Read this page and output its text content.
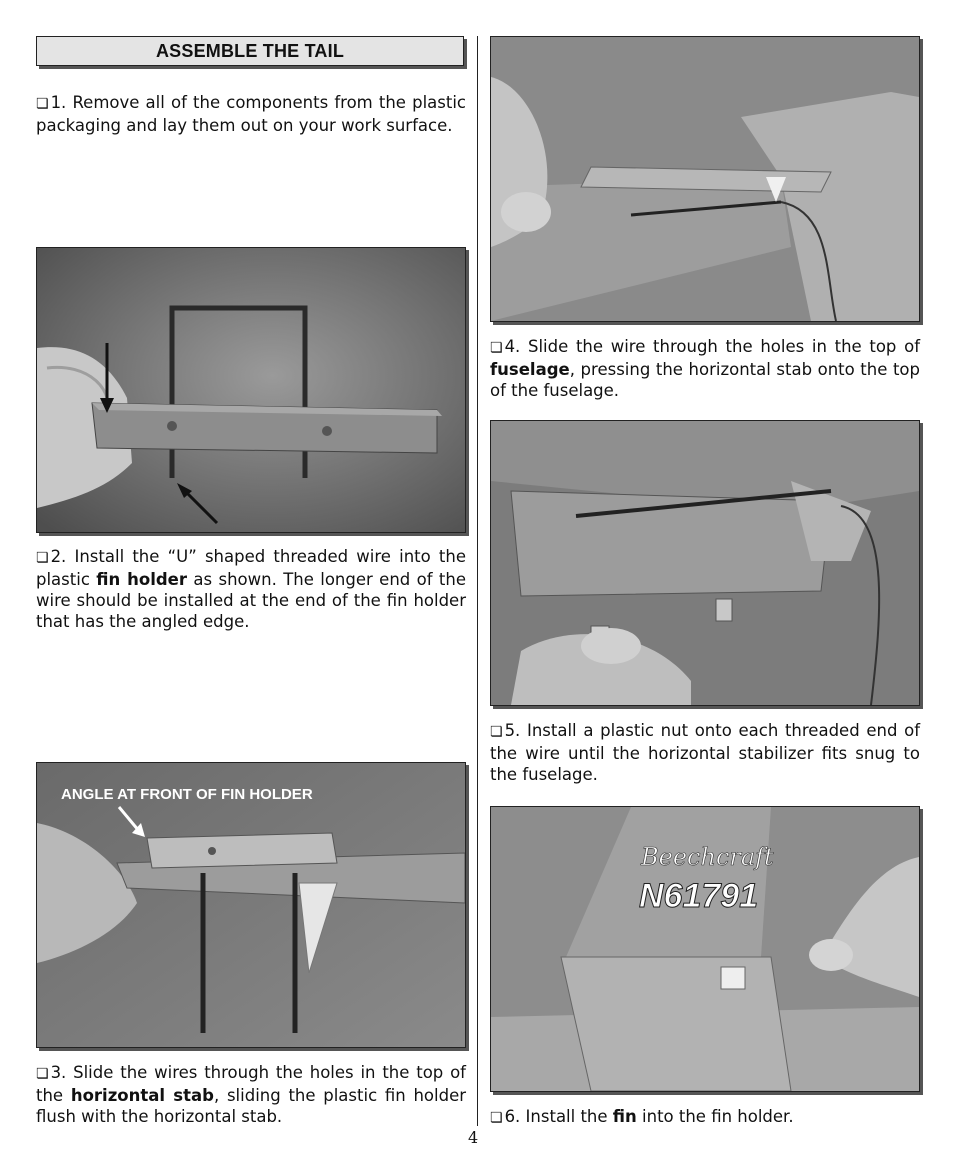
ASSEMBLE THE TAIL
❏ 1. Remove all of the components from the plastic packaging and lay them out on your work surface.
❏ 2. Install the “U” shaped threaded wire into the plastic fin holder as shown. The longer end of the wire should be installed at the end of the fin holder that has the angled edge.
ANGLE AT FRONT OF FIN HOLDER
❏ 3. Slide the wires through the holes in the top of the horizontal stab, sliding the plastic fin holder flush with the horizontal stab.
❏ 4. Slide the wire through the holes in the top of fuselage, pressing the horizontal stab onto the top of the fuselage.
❏ 5. Install a plastic nut onto each threaded end of the wire until the horizontal stabilizer fits snug to the fuselage.
Beechcraft
N61791
❏ 6. Install the fin into the fin holder.
4
